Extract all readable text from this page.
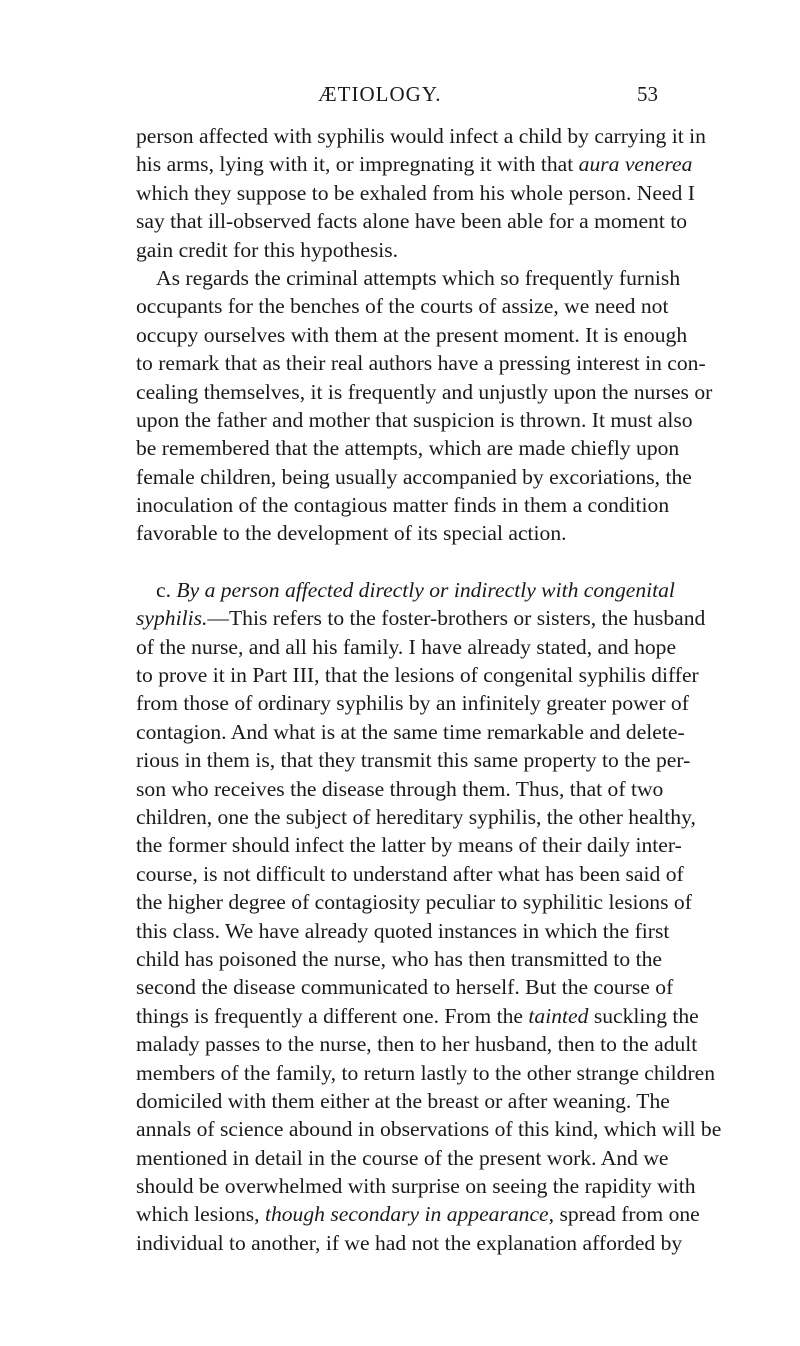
ÆTIOLOGY.	53
person affected with syphilis would infect a child by carrying it in
his arms, lying with it, or impregnating it with that aura venerea
which they suppose to be exhaled from his whole person. Need I
say that ill-observed facts alone have been able for a moment to
gain credit for this hypothesis.
As regards the criminal attempts which so frequently furnish
occupants for the benches of the courts of assize, we need not
occupy ourselves with them at the present moment. It is enough
to remark that as their real authors have a pressing interest in con-
cealing themselves, it is frequently and unjustly upon the nurses or
upon the father and mother that suspicion is thrown. It must also
be remembered that the attempts, which are made chiefly upon
female children, being usually accompanied by excoriations, the
inoculation of the contagious matter finds in them a condition
favorable to the development of its special action.
c. By a person affected directly or indirectly with congenital
syphilis.—This refers to the foster-brothers or sisters, the husband
of the nurse, and all his family. I have already stated, and hope
to prove it in Part III, that the lesions of congenital syphilis differ
from those of ordinary syphilis by an infinitely greater power of
contagion. And what is at the same time remarkable and delete-
rious in them is, that they transmit this same property to the per-
son who receives the disease through them. Thus, that of two
children, one the subject of hereditary syphilis, the other healthy,
the former should infect the latter by means of their daily inter-
course, is not difficult to understand after what has been said of
the higher degree of contagiosity peculiar to syphilitic lesions of
this class. We have already quoted instances in which the first
child has poisoned the nurse, who has then transmitted to the
second the disease communicated to herself. But the course of
things is frequently a different one. From the tainted suckling the
malady passes to the nurse, then to her husband, then to the adult
members of the family, to return lastly to the other strange children
domiciled with them either at the breast or after weaning. The
annals of science abound in observations of this kind, which will be
mentioned in detail in the course of the present work. And we
should be overwhelmed with surprise on seeing the rapidity with
which lesions, though secondary in appearance, spread from one
individual to another, if we had not the explanation afforded by
